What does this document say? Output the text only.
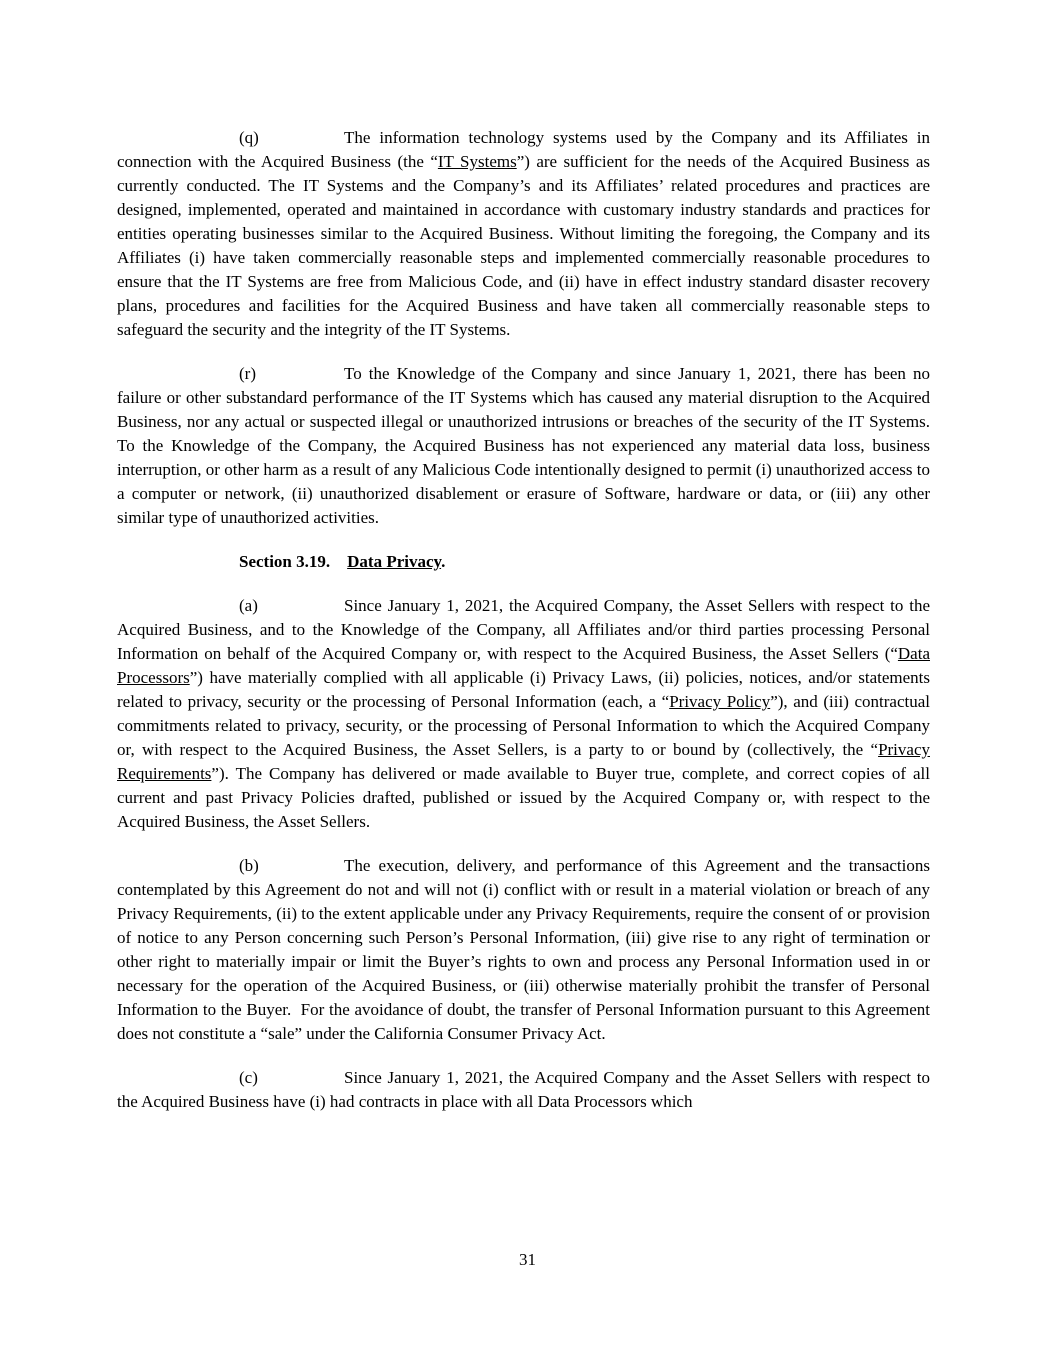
(q)	The information technology systems used by the Company and its Affiliates in connection with the Acquired Business (the “IT Systems”) are sufficient for the needs of the Acquired Business as currently conducted. The IT Systems and the Company’s and its Affiliates’ related procedures and practices are designed, implemented, operated and maintained in accordance with customary industry standards and practices for entities operating businesses similar to the Acquired Business. Without limiting the foregoing, the Company and its Affiliates (i) have taken commercially reasonable steps and implemented commercially reasonable procedures to ensure that the IT Systems are free from Malicious Code, and (ii) have in effect industry standard disaster recovery plans, procedures and facilities for the Acquired Business and have taken all commercially reasonable steps to safeguard the security and the integrity of the IT Systems.

(r)	To the Knowledge of the Company and since January 1, 2021, there has been no failure or other substandard performance of the IT Systems which has caused any material disruption to the Acquired Business, nor any actual or suspected illegal or unauthorized intrusions or breaches of the security of the IT Systems. To the Knowledge of the Company, the Acquired Business has not experienced any material data loss, business interruption, or other harm as a result of any Malicious Code intentionally designed to permit (i) unauthorized access to a computer or network, (ii) unauthorized disablement or erasure of Software, hardware or data, or (iii) any other similar type of unauthorized activities.

Section 3.19. Data Privacy.

(a)	Since January 1, 2021, the Acquired Company, the Asset Sellers with respect to the Acquired Business, and to the Knowledge of the Company, all Affiliates and/or third parties processing Personal Information on behalf of the Acquired Company or, with respect to the Acquired Business, the Asset Sellers (“Data Processors”) have materially complied with all applicable (i) Privacy Laws, (ii) policies, notices, and/or statements related to privacy, security or the processing of Personal Information (each, a “Privacy Policy”), and (iii) contractual commitments related to privacy, security, or the processing of Personal Information to which the Acquired Company or, with respect to the Acquired Business, the Asset Sellers, is a party to or bound by (collectively, the “Privacy Requirements”). The Company has delivered or made available to Buyer true, complete, and correct copies of all current and past Privacy Policies drafted, published or issued by the Acquired Company or, with respect to the Acquired Business, the Asset Sellers.

(b)	The execution, delivery, and performance of this Agreement and the transactions contemplated by this Agreement do not and will not (i) conflict with or result in a material violation or breach of any Privacy Requirements, (ii) to the extent applicable under any Privacy Requirements, require the consent of or provision of notice to any Person concerning such Person’s Personal Information, (iii) give rise to any right of termination or other right to materially impair or limit the Buyer’s rights to own and process any Personal Information used in or necessary for the operation of the Acquired Business, or (iii) otherwise materially prohibit the transfer of Personal Information to the Buyer.  For the avoidance of doubt, the transfer of Personal Information pursuant to this Agreement does not constitute a “sale” under the California Consumer Privacy Act.

(c)	Since January 1, 2021, the Acquired Company and the Asset Sellers with respect to the Acquired Business have (i) had contracts in place with all Data Processors which

31
